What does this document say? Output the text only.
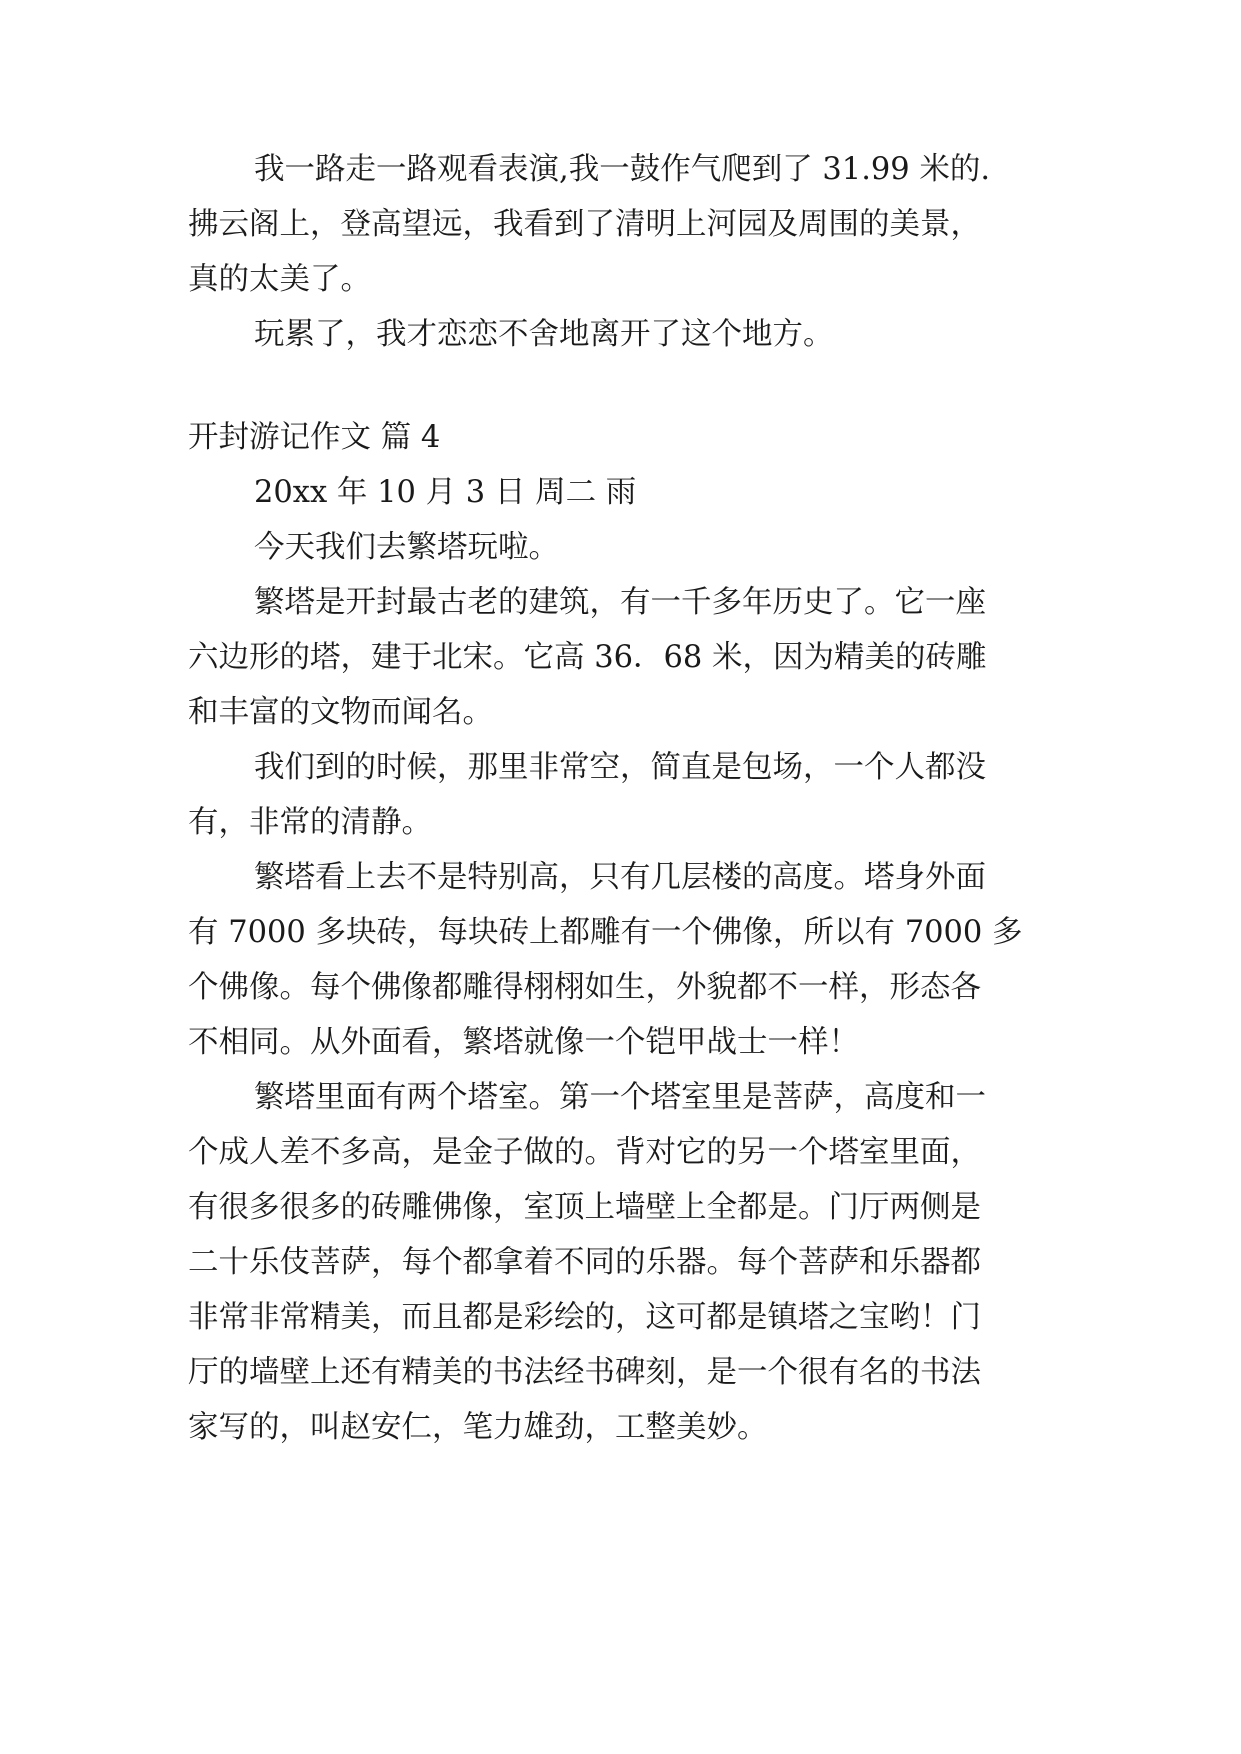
我一路走一路观看表演,我一鼓作气爬到了 31.99 米的.

拂云阁上，登高望远，我看到了清明上河园及周围的美景，

真的太美了。

玩累了，我才恋恋不舍地离开了这个地方。

开封游记作文 篇 4

20xx 年 10 月 3 日 周二 雨

今天我们去繁塔玩啦。

繁塔是开封最古老的建筑，有一千多年历史了。它一座

六边形的塔，建于北宋。它高 36．68 米，因为精美的砖雕

和丰富的文物而闻名。

我们到的时候，那里非常空，简直是包场，一个人都没

有，非常的清静。

繁塔看上去不是特别高，只有几层楼的高度。塔身外面

有 7000 多块砖，每块砖上都雕有一个佛像，所以有 7000 多

个佛像。每个佛像都雕得栩栩如生，外貌都不一样，形态各

不相同。从外面看，繁塔就像一个铠甲战士一样！

繁塔里面有两个塔室。第一个塔室里是菩萨，高度和一

个成人差不多高，是金子做的。背对它的另一个塔室里面，

有很多很多的砖雕佛像，室顶上墙壁上全都是。门厅两侧是

二十乐伎菩萨，每个都拿着不同的乐器。每个菩萨和乐器都

非常非常精美，而且都是彩绘的，这可都是镇塔之宝哟！门

厅的墙壁上还有精美的书法经书碑刻，是一个很有名的书法

家写的，叫赵安仁，笔力雄劲，工整美妙。
